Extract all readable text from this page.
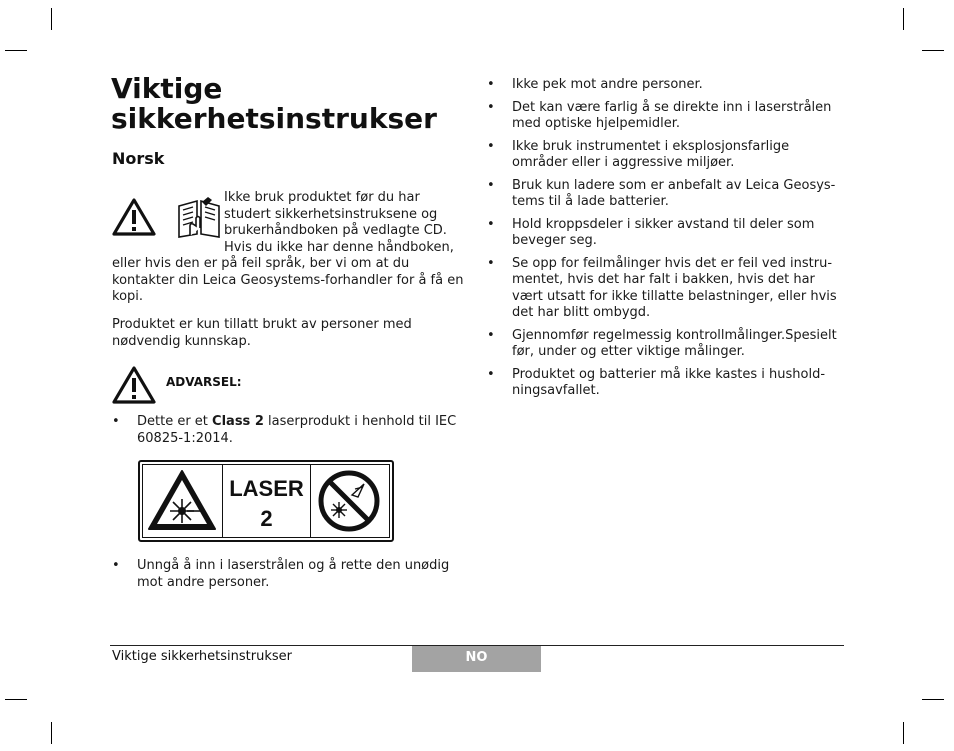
Viktige sikkerhetsinstrukser
Norsk
Ikke bruk produktet før du har studert sikkerhetsinstruksene og brukerhåndboken på vedlagte CD. Hvis du ikke har denne håndboken, eller hvis den er på feil språk, ber vi om at du kontakter din Leica Geosystems-forhandler for å få en kopi.

Produktet er kun tillatt brukt av personer med nødvendig kunnskap.

ADVARSEL:
• Dette er et Class 2 laserprodukt i henhold til IEC 60825-1:2014.
LASER
2
• Unngå å inn i laserstrålen og å rette den unødig mot andre personer.
• Ikke pek mot andre personer.
• Det kan være farlig å se direkte inn i laserstrålen med optiske hjelpemidler.
• Ikke bruk instrumentet i eksplosjonsfarlige områder eller i aggressive miljøer.
• Bruk kun ladere som er anbefalt av Leica Geosys-tems til å lade batterier.
• Hold kroppsdeler i sikker avstand til deler som beveger seg.
• Se opp for feilmålinger hvis det er feil ved instru-mentet, hvis det har falt i bakken, hvis det har vært utsatt for ikke tillatte belastninger, eller hvis det har blitt ombygd.
• Gjennomfør regelmessig kontrollmålinger.Spesielt før, under og etter viktige målinger.
• Produktet og batterier må ikke kastes i hushold-ningsavfallet.
Viktige sikkerhetsinstrukser	NO
